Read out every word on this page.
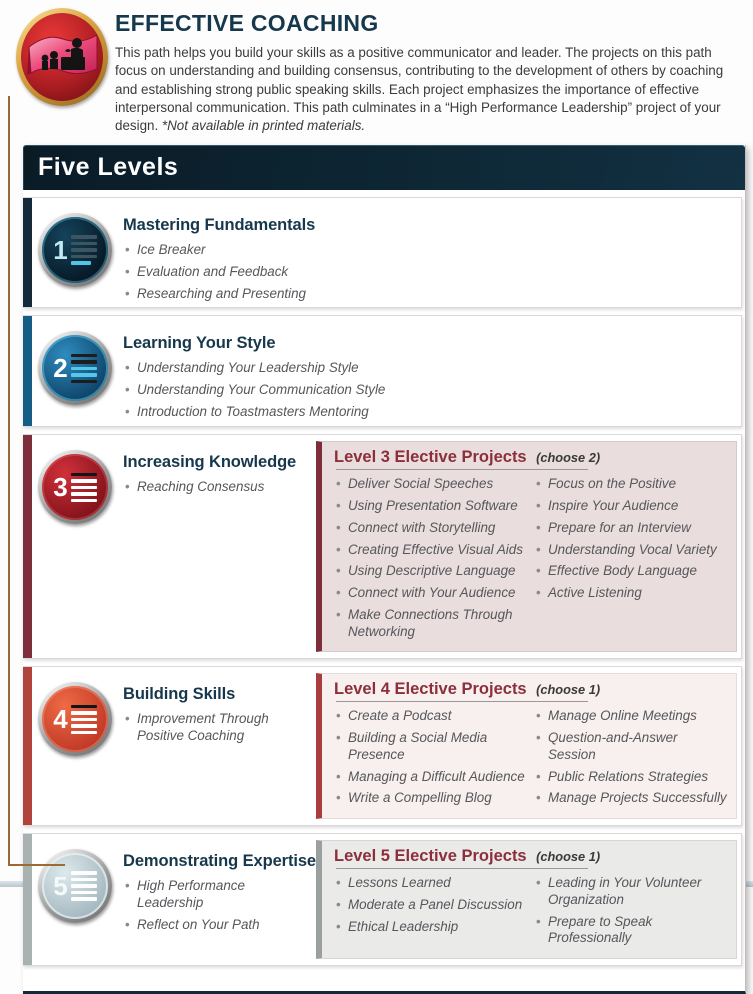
EFFECTIVE COACHING

This path helps you build your skills as a positive communicator and leader. The projects on this path focus on understanding and building consensus, contributing to the development of others by coaching and establishing strong public speaking skills. Each project emphasizes the importance of effective interpersonal communication. This path culminates in a “High Performance Leadership” project of your design. *Not available in printed materials.

Five Levels
1
Mastering Fundamentals
• Ice Breaker
• Evaluation and Feedback
• Researching and Presenting
2
Learning Your Style
• Understanding Your Leadership Style
• Understanding Your Communication Style
• Introduction to Toastmasters Mentoring
3
Increasing Knowledge
• Reaching Consensus
Level 3 Elective Projects (choose 2)
• Deliver Social Speeches
• Using Presentation Software
• Connect with Storytelling
• Creating Effective Visual Aids
• Using Descriptive Language
• Connect with Your Audience
• Make Connections Through Networking
• Focus on the Positive
• Inspire Your Audience
• Prepare for an Interview
• Understanding Vocal Variety
• Effective Body Language
• Active Listening
4
Building Skills
• Improvement Through Positive Coaching
Level 4 Elective Projects (choose 1)
• Create a Podcast
• Building a Social Media Presence
• Managing a Difficult Audience
• Write a Compelling Blog
• Manage Online Meetings
• Question-and-Answer Session
• Public Relations Strategies
• Manage Projects Successfully
5
Demonstrating Expertise
• High Performance Leadership
• Reflect on Your Path
Level 5 Elective Projects (choose 1)
• Lessons Learned
• Moderate a Panel Discussion
• Ethical Leadership
• Leading in Your Volunteer Organization
• Prepare to Speak Professionally
